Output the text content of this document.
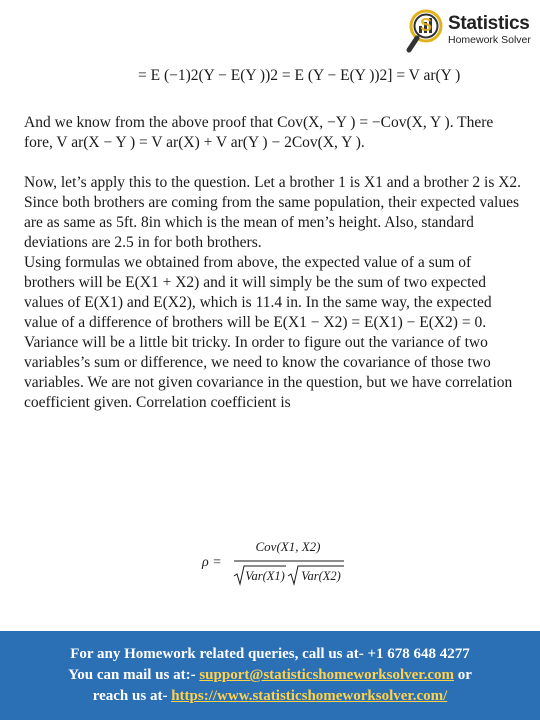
S Statistics
Homework Solver
= E (−1)2(Y − E(Y ))2 = E (Y − E(Y ))2] = V ar(Y )

And we know from the above proof that Cov(X, −Y ) = −Cov(X, Y ). There fore, V ar(X − Y ) = V ar(X) + V ar(Y ) − 2Cov(X, Y ).

Now, let’s apply this to the question. Let a brother 1 is X1 and a brother 2 is X2. Since both brothers are coming from the same population, their expected values are as same as 5ft. 8in which is the mean of men’s height. Also, standard deviations are 2.5 in for both brothers.

Using formulas we obtained from above, the expected value of a sum of brothers will be E(X1 + X2) and it will simply be the sum of two expected values of E(X1) and E(X2), which is 11.4 in. In the same way, the expected value of a difference of brothers will be E(X1 − X2) = E(X1) − E(X2) = 0.

Variance will be a little bit tricky. In order to figure out the variance of two variables’s sum or difference, we need to know the covariance of those two variables. We are not given covariance in the question, but we have correlation coefficient given. Correlation coefficient is

ρ =
Cov(X1, X2)
Var(X1) Var(X2)
For any Homework related queries, call us at- +1 678 648 4277
You can mail us at:- support@statisticshomeworksolver.com or
reach us at- https://www.statisticshomeworksolver.com/
